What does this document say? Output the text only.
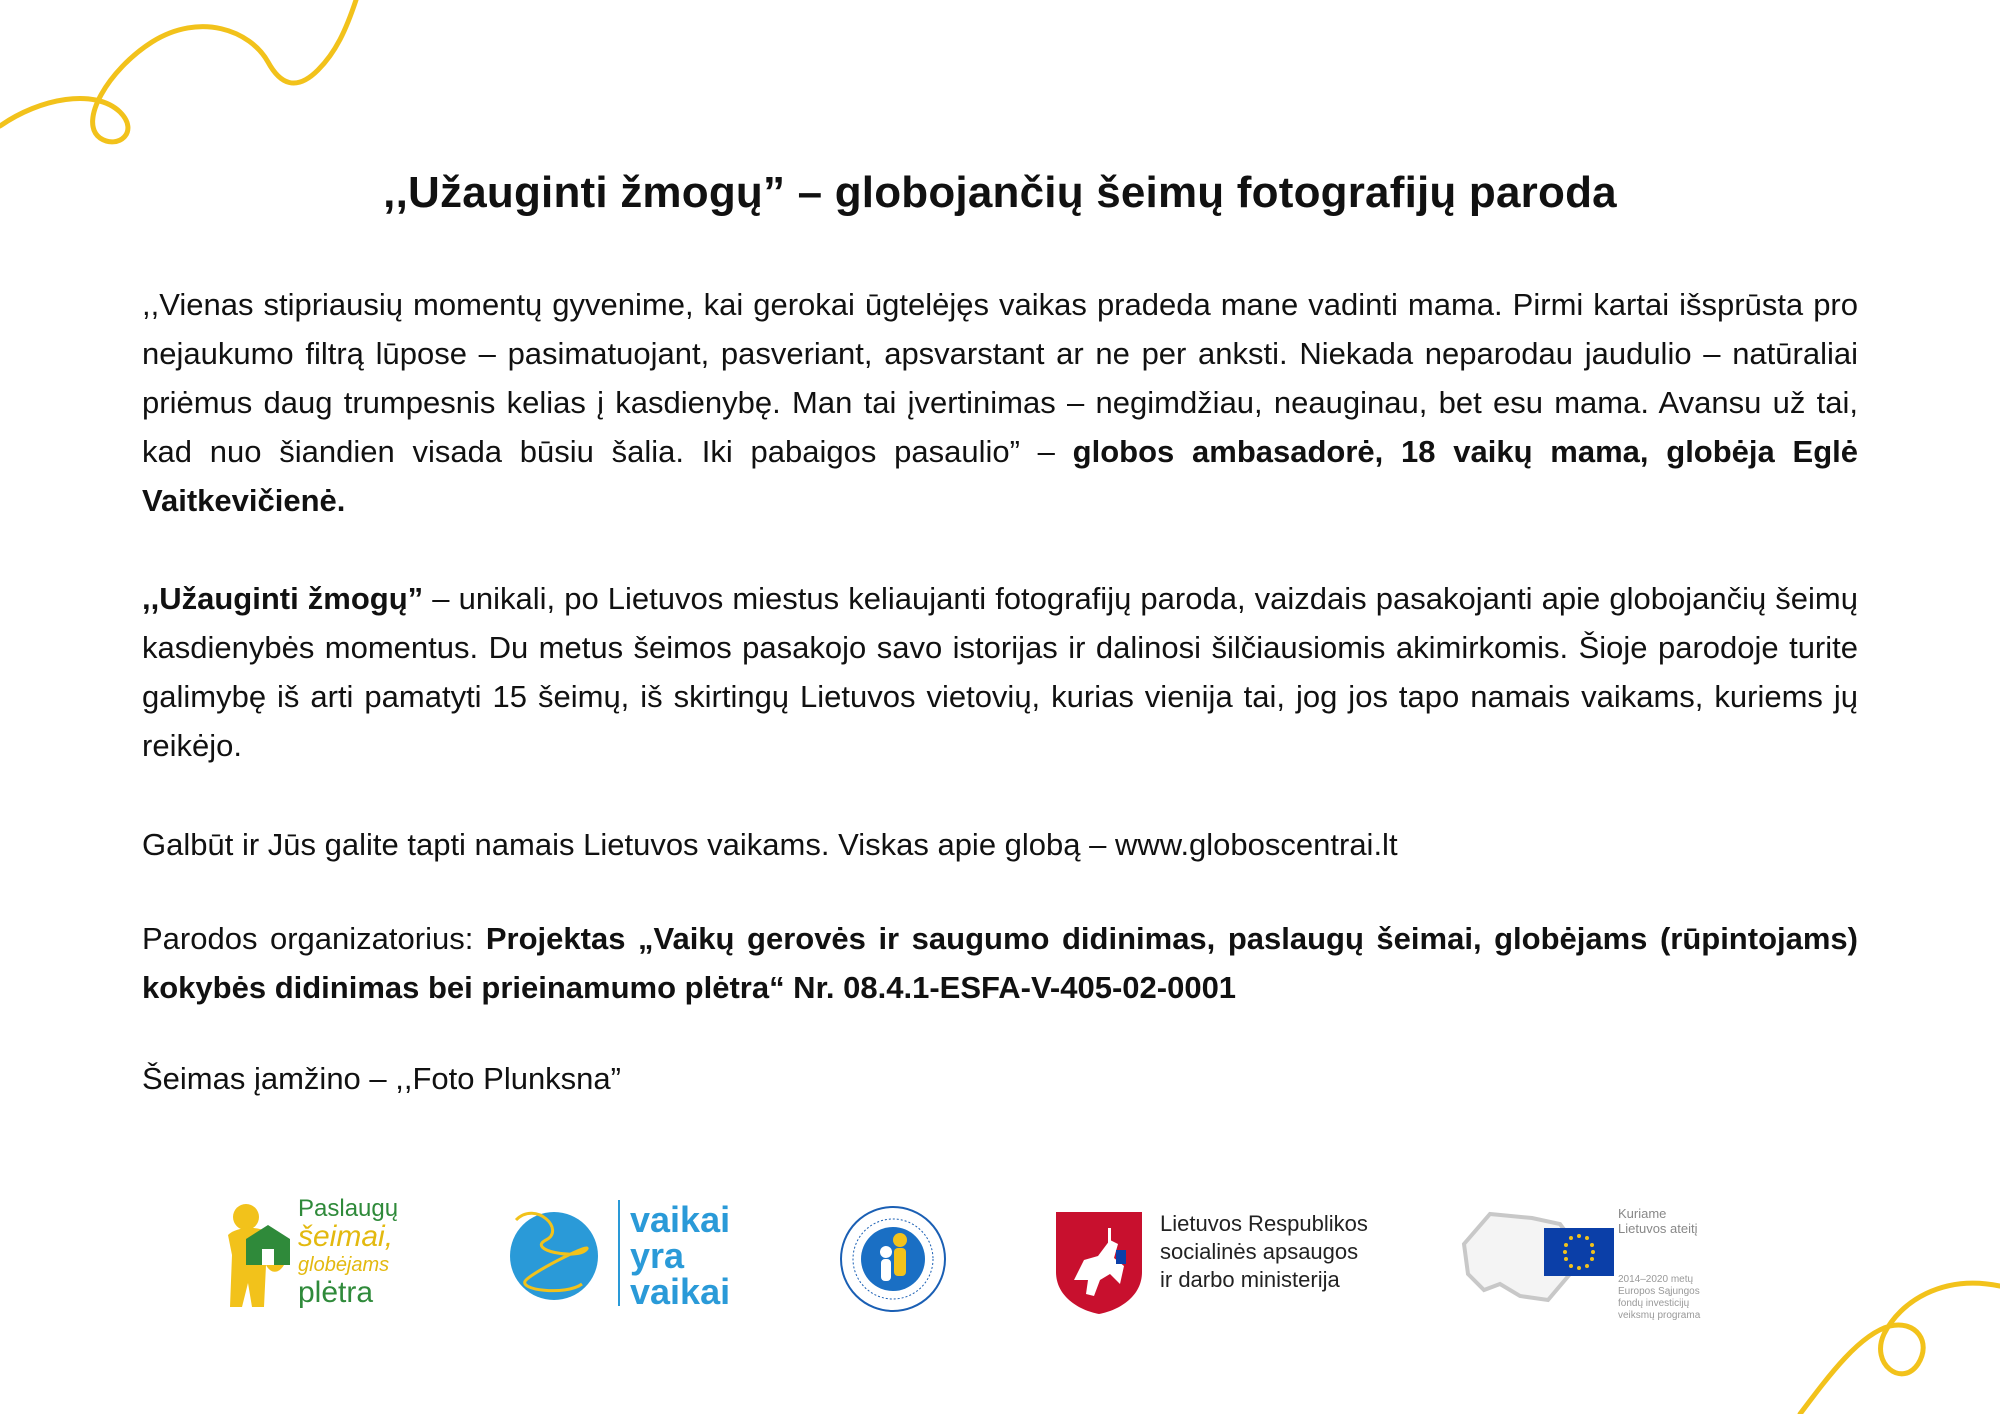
,,Užauginti žmogų” – globojančių šeimų fotografijų paroda

,,Vienas stipriausių momentų gyvenime, kai gerokai ūgtelėjęs vaikas pradeda mane vadinti mama. Pirmi kartai išsprūsta pro nejaukumo filtrą lūpose – pasimatuojant, pasveriant, apsvarstant ar ne per anksti. Niekada neparodau jaudulio – natūraliai priėmus daug trumpesnis kelias į kasdienybę. Man tai įvertinimas – negimdžiau, neauginau, bet esu mama. Avansu už tai, kad nuo šiandien visada būsiu šalia. Iki pabaigos pasaulio” – globos ambasadorė, 18 vaikų mama, globėja Eglė Vaitkevičienė.

,,Užauginti žmogų” – unikali, po Lietuvos miestus keliaujanti fotografijų paroda, vaizdais pasakojanti apie globojančių šeimų kasdienybės momentus. Du metus šeimos pasakojo savo istorijas ir dalinosi šilčiausiomis akimirkomis. Šioje parodoje turite galimybę iš arti pamatyti 15 šeimų, iš skirtingų Lietuvos vietovių, kurias vienija tai, jog jos tapo namais vaikams, kuriems jų reikėjo.

Galbūt ir Jūs galite tapti namais Lietuvos vaikams. Viskas apie globą – www.globoscentrai.lt

Parodos organizatorius: Projektas „Vaikų gerovės ir saugumo didinimas, paslaugų šeimai, globėjams (rūpintojams) kokybės didinimas bei prieinamumo plėtra“ Nr. 08.4.1-ESFA-V-405-02-0001

Šeimas įamžino – ,,Foto Plunksna”

Paslaugų
šeimai,
globėjams
plėtra
vaikai
yra
vaikai
Lietuvos Respublikos
socialinės apsaugos
ir darbo ministerija
Kuriame
Lietuvos ateitį
2014–2020 metų
Europos Sąjungos
fondų investicijų
veiksmų programa
